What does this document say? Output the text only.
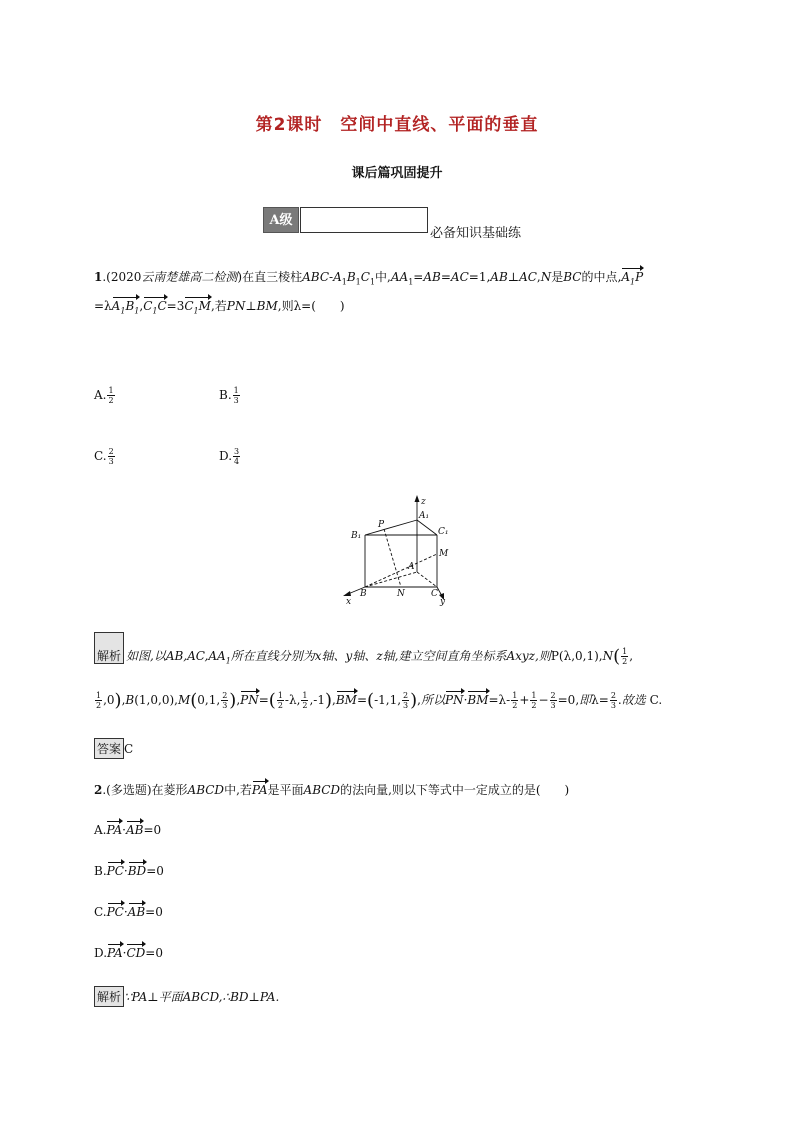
第2课时　空间中直线、平面的垂直
课后篇巩固提升
A级
必备知识基础练
1.(2020云南楚雄高二检测)在直三棱柱ABC-$A_1B_1C_1$中$,AA_1=AB=AC=1,AB\perp AC,N$是BC的中点$,A_1P$
$=\lambda A_1B_1,C_1C=3C_1M$,若PN⊥BM,则λ=(　　)
A. $\frac{1}{2}$	B. $\frac{1}{3}$
C. $\frac{2}{3}$	D. $\frac{3}{4}$
z
A₁
C₁
B₁
P
M
A
x
B	N	C
y
解析 如图,以$AB,AC,AA_1$所在直线分别为x轴、y轴、z轴,建立空间直角坐标系Axyz,则$P(\lambda,0,1),N( \frac{1}{2}$ ,
$\frac{1}{2} ,0),B(1,0,0),M(0,1$, $\frac{2}{3} ),PN=( \frac{1}{2} -\lambda$, $\frac{1}{2} ,-1),BM=(-1,1$, $\frac{2}{3}$ ),所以$PN\cdot BM=\lambda- \frac{1}{2} + \frac{1}{2} - \frac{2}{3} =0$,即$\lambda= \frac{2}{3}$ .故选 C.
答案 C
2.(多选题)在菱形ABCD中,若PA是平面ABCD的法向量,则以下等式中一定成立的是(　　)
A.PA·AB=0
B.PC·BD=0
C.PC·AB=0
D.PA·CD=0
解析 ∵PA⊥平面ABCD,∴BD⊥PA.
